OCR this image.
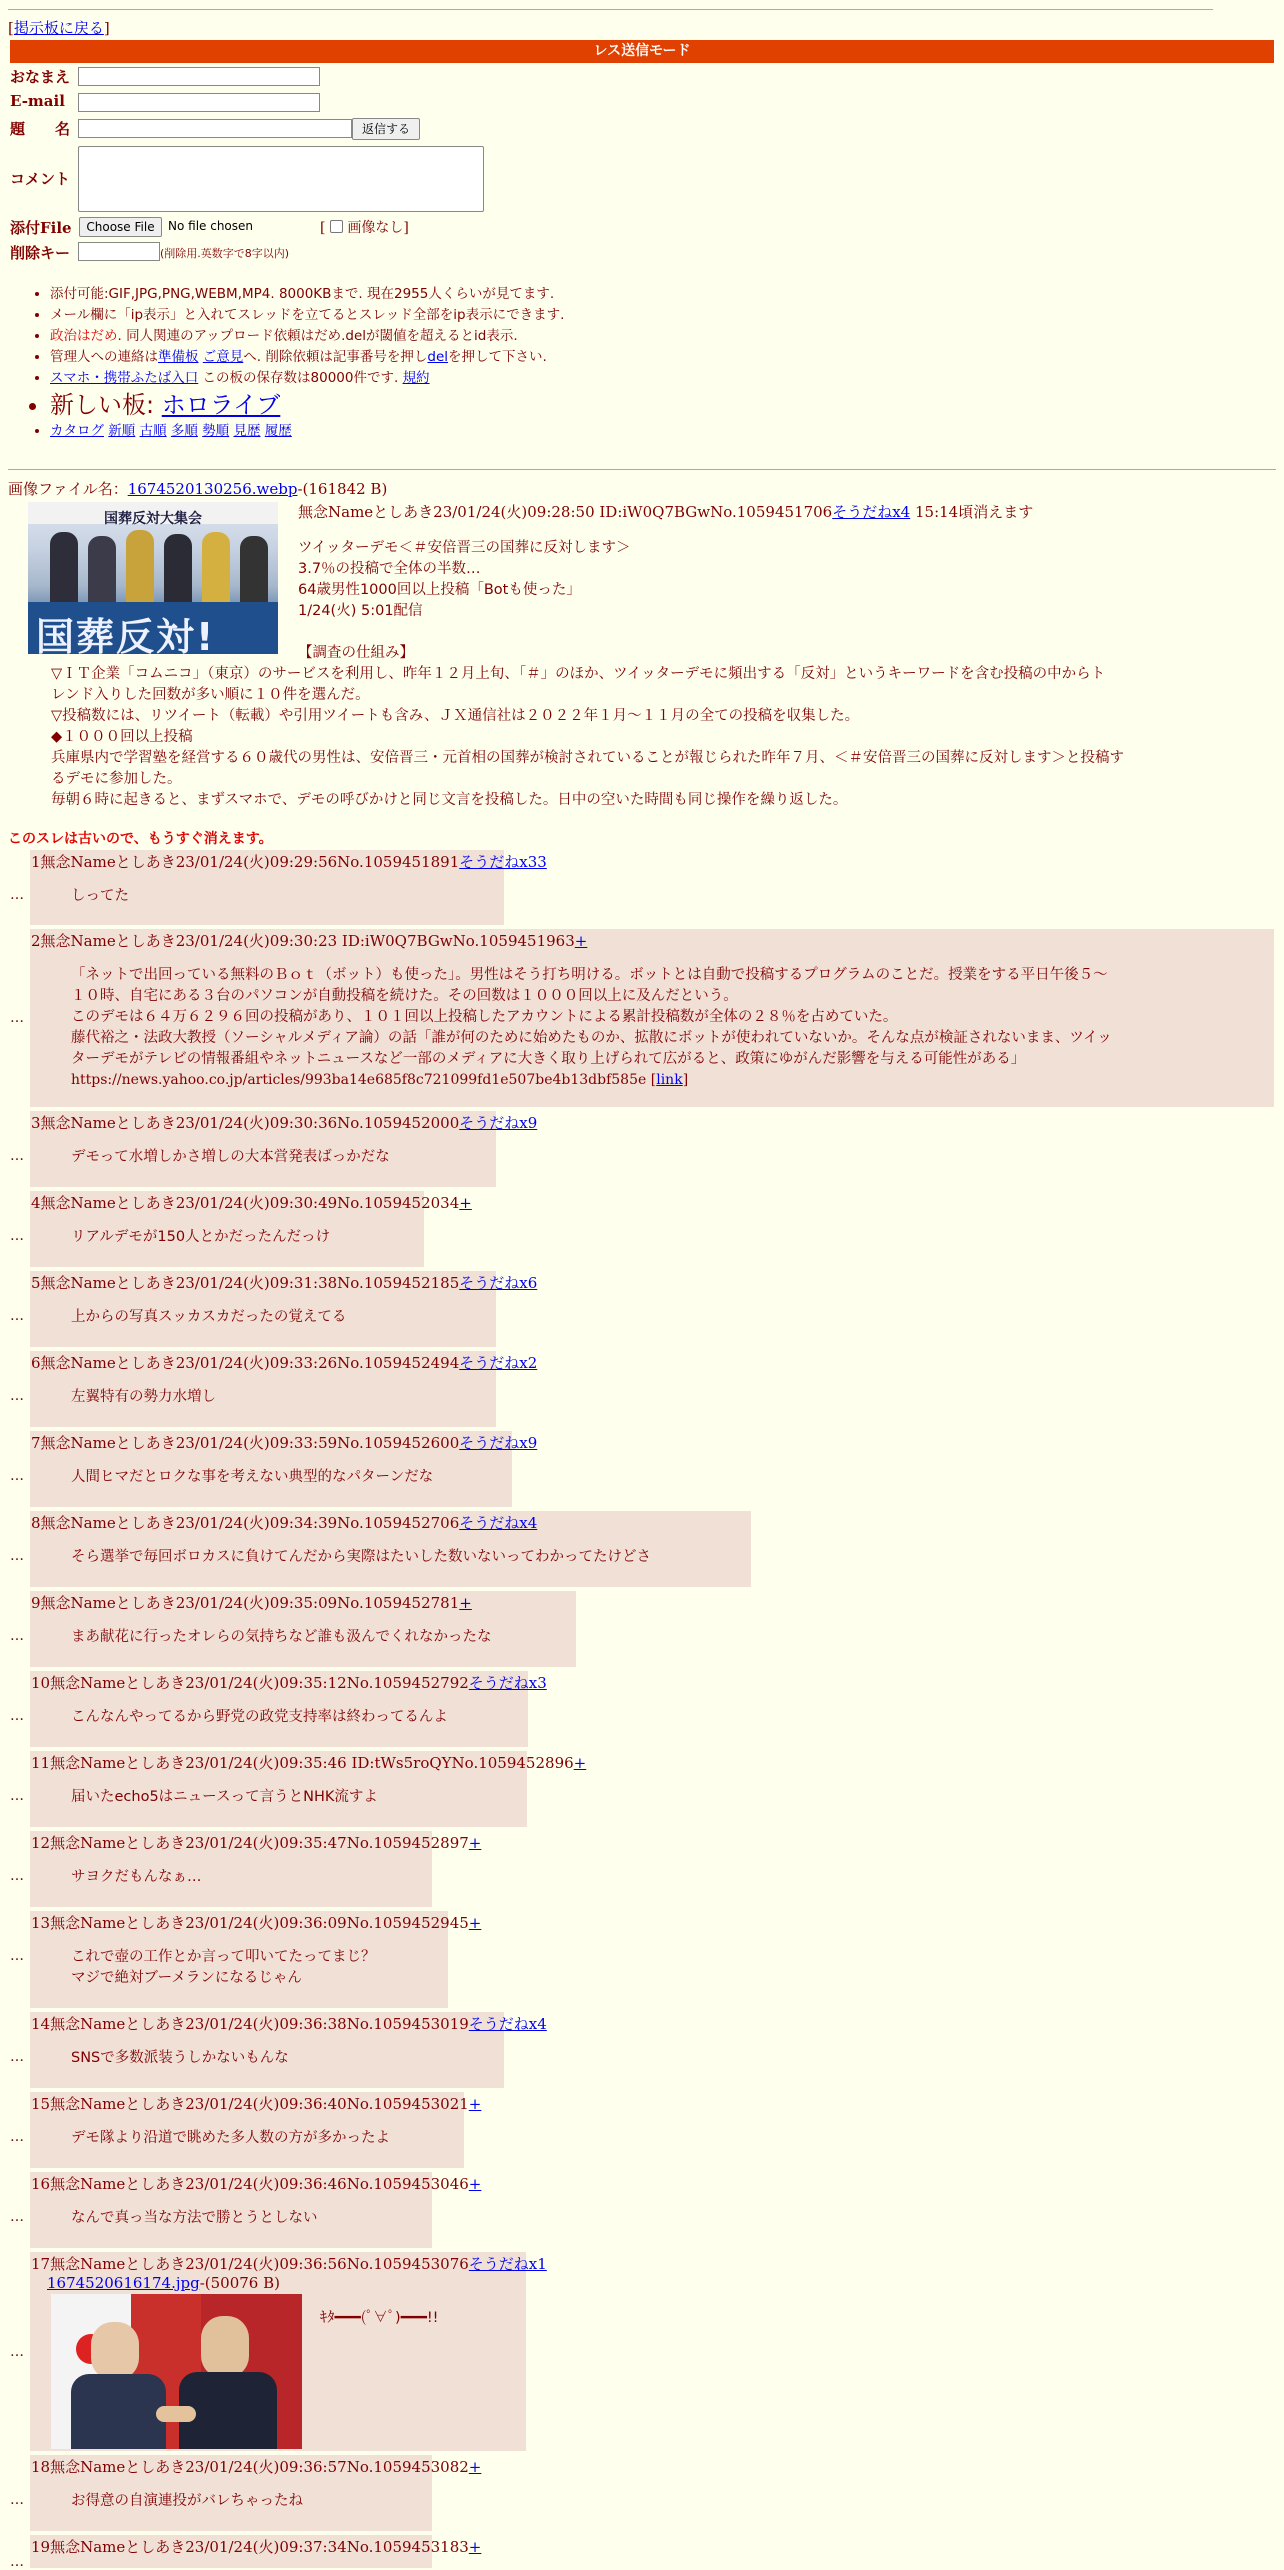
[掲示板に戻る]
レス送信モード
おなまえ
E-mail
題　　名	返信する
コメント
添付File	Choose File	No file chosen	[ 画像なし]
削除キー	(削除用.英数字で8字以内)
• 添付可能:GIF,JPG,PNG,WEBM,MP4. 8000KBまで. 現在2955人くらいが見てます.
• メール欄に「ip表示」と入れてスレッドを立てるとスレッド全部をip表示にできます.
• 政治はだめ. 同人関連のアップロード依頼はだめ.delが閾値を超えるとid表示.
• 管理人への連絡は準備板 ご意見へ. 削除依頼は記事番号を押しdelを押して下さい.
• スマホ・携帯ふたば入口 この板の保存数は80000件です. 規約
• 新しい板: ホロライブ
• カタログ 新順 古順 多順 勢順 見歴 履歴
画像ファイル名：1674520130256.webp-(161842 B)
国葬反対大集会
国葬反対!
無念Nameとしあき23/01/24(火)09:28:50 ID:iW0Q7BGwNo.1059451706そうだねx4 15:14頃消えます
ツイッターデモ＜＃安倍晋三の国葬に反対します＞
3.7％の投稿で全体の半数…
64歳男性1000回以上投稿「Botも使った」
1/24(火) 5:01配信
【調査の仕組み】
▽ＩＴ企業「コムニコ」（東京）のサービスを利用し、昨年１２月上旬、「＃」のほか、ツイッターデモに頻出する「反対」というキーワードを含む投稿の中からト
レンド入りした回数が多い順に１０件を選んだ。
▽投稿数には、リツイート（転載）や引用ツイートも含み、ＪＸ通信社は２０２２年１月～１１月の全ての投稿を収集した。
◆１０００回以上投稿
兵庫県内で学習塾を経営する６０歳代の男性は、安倍晋三・元首相の国葬が検討されていることが報じられた昨年７月、＜＃安倍晋三の国葬に反対します＞と投稿す
るデモに参加した。
毎朝６時に起きると、まずスマホで、デモの呼びかけと同じ文言を投稿した。日中の空いた時間も同じ操作を繰り返した。
このスレは古いので、もうすぐ消えます。
1無念Nameとしあき23/01/24(火)09:29:56No.1059451891そうだねx33
しってた
…
2無念Nameとしあき23/01/24(火)09:30:23 ID:iW0Q7BGwNo.1059451963+
「ネットで出回っている無料のＢｏｔ（ボット）も使った」。男性はそう打ち明ける。ボットとは自動で投稿するプログラムのことだ。授業をする平日午後５～
１０時、自宅にある３台のパソコンが自動投稿を続けた。その回数は１０００回以上に及んだという。
このデモは６４万６２９６回の投稿があり、１０１回以上投稿したアカウントによる累計投稿数が全体の２８％を占めていた。
藤代裕之・法政大教授（ソーシャルメディア論）の話「誰が何のために始めたものか、拡散にボットが使われていないか。そんな点が検証されないまま、ツイッ
ターデモがテレビの情報番組やネットニュースなど一部のメディアに大きく取り上げられて広がると、政策にゆがんだ影響を与える可能性がある」
https://news.yahoo.co.jp/articles/993ba14e685f8c721099fd1e507be4b13dbf585e [link]
…
3無念Nameとしあき23/01/24(火)09:30:36No.1059452000そうだねx9
デモって水増しかさ増しの大本営発表ばっかだな
…
4無念Nameとしあき23/01/24(火)09:30:49No.1059452034+
リアルデモが150人とかだったんだっけ
…
5無念Nameとしあき23/01/24(火)09:31:38No.1059452185そうだねx6
上からの写真スッカスカだったの覚えてる
…
6無念Nameとしあき23/01/24(火)09:33:26No.1059452494そうだねx2
左翼特有の勢力水増し
…
7無念Nameとしあき23/01/24(火)09:33:59No.1059452600そうだねx9
人間ヒマだとロクな事を考えない典型的なパターンだな
…
8無念Nameとしあき23/01/24(火)09:34:39No.1059452706そうだねx4
そら選挙で毎回ボロカスに負けてんだから実際はたいした数いないってわかってたけどさ
…
9無念Nameとしあき23/01/24(火)09:35:09No.1059452781+
まあ献花に行ったオレらの気持ちなど誰も汲んでくれなかったな
…
10無念Nameとしあき23/01/24(火)09:35:12No.1059452792そうだねx3
こんなんやってるから野党の政党支持率は終わってるんよ
…
11無念Nameとしあき23/01/24(火)09:35:46 ID:tWs5roQYNo.1059452896+
届いたecho5はニュースって言うとNHK流すよ
…
12無念Nameとしあき23/01/24(火)09:35:47No.1059452897+
サヨクだもんなぁ…
…
13無念Nameとしあき23/01/24(火)09:36:09No.1059452945+
これで壺の工作とか言って叩いてたってまじ？
マジで絶対ブーメランになるじゃん
…
14無念Nameとしあき23/01/24(火)09:36:38No.1059453019そうだねx4
SNSで多数派装うしかないもんな
…
15無念Nameとしあき23/01/24(火)09:36:40No.1059453021+
デモ隊より沿道で眺めた多人数の方が多かったよ
…
16無念Nameとしあき23/01/24(火)09:36:46No.1059453046+
なんで真っ当な方法で勝とうとしない
…
17無念Nameとしあき23/01/24(火)09:36:56No.1059453076そうだねx1
1674520616174.jpg-(50076 B)
ｷﾀ━━━(ﾟ∀ﾟ)━━━!!
…
18無念Nameとしあき23/01/24(火)09:36:57No.1059453082+
お得意の自演連投がバレちゃったね
…
19無念Nameとしあき23/01/24(火)09:37:34No.1059453183+
…
